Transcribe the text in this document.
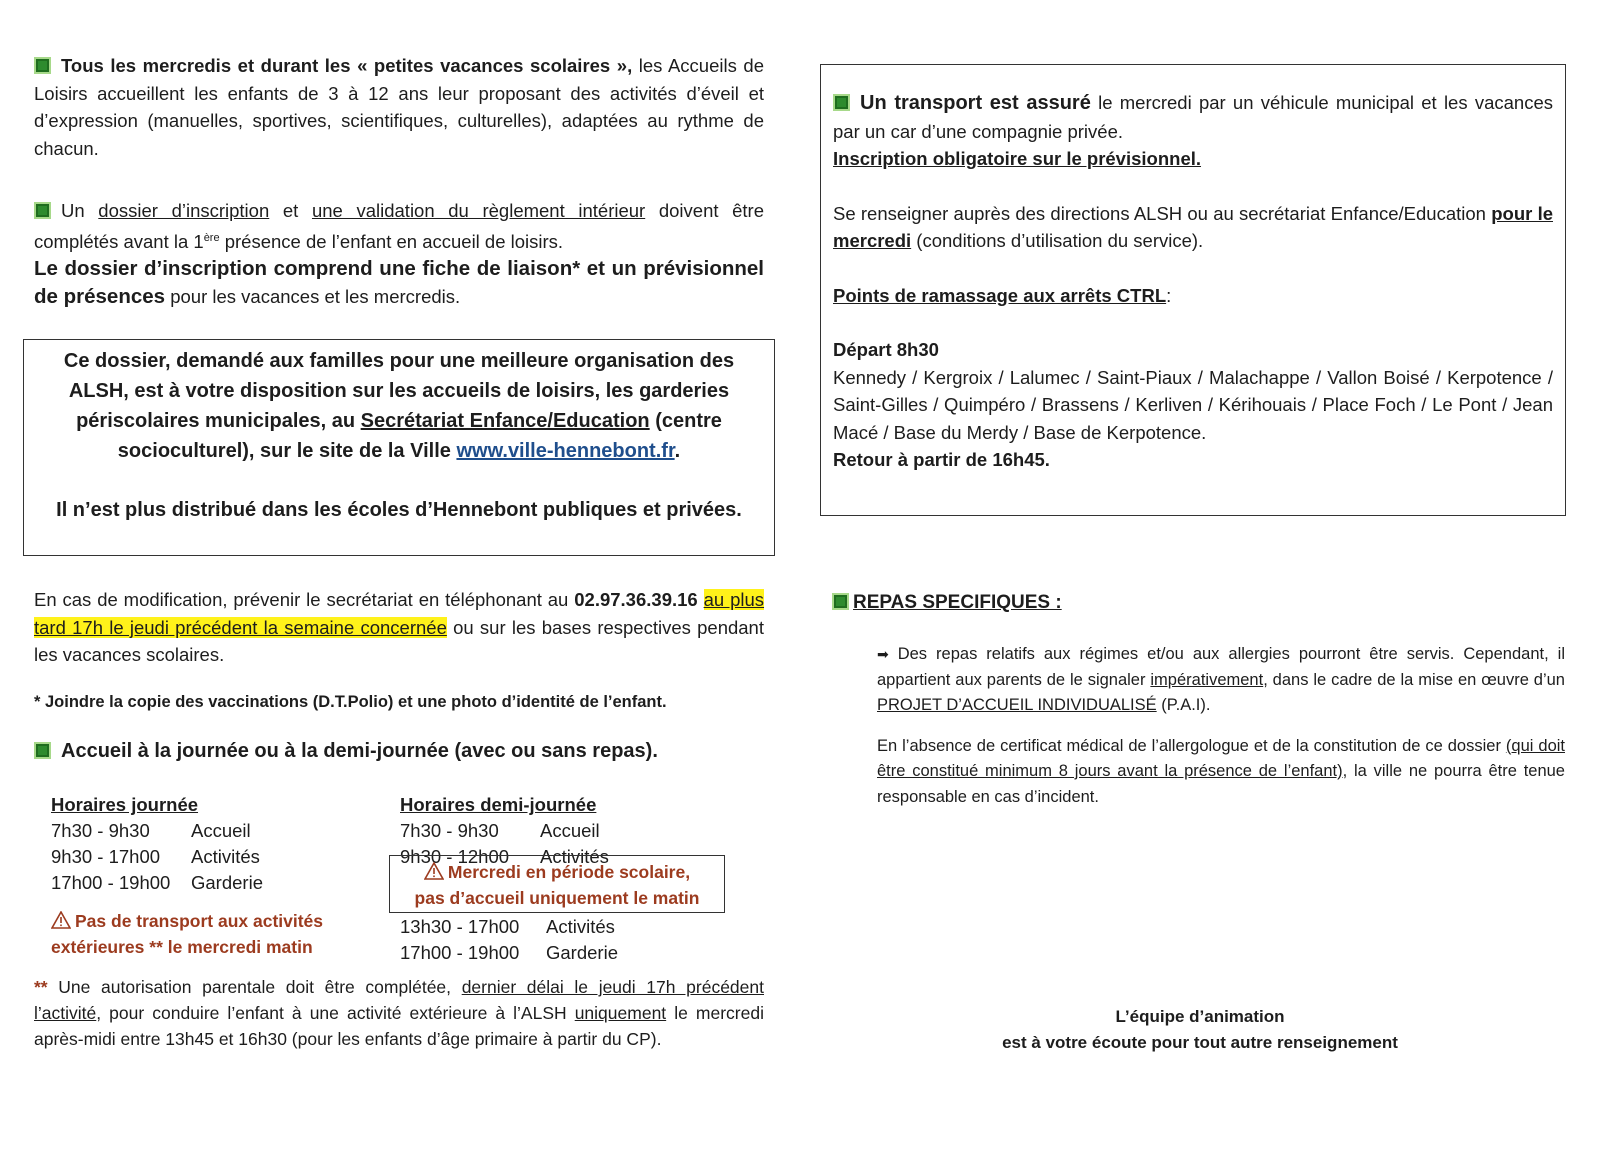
Tous les mercredis et durant les « petites vacances scolaires », les Accueils de Loisirs accueillent les enfants de 3 à 12 ans leur proposant des activités d’éveil et d’expression (manuelles, sportives, scientifiques, culturelles), adaptées au rythme de chacun.

Un dossier d’inscription et une validation du règlement intérieur doivent être complétés avant la 1ère présence de l’enfant en accueil de loisirs.
Le dossier d’inscription comprend une fiche de liaison* et un prévisionnel de présences pour les vacances et les mercredis.

Ce dossier, demandé aux familles pour une meilleure organisation des ALSH, est à votre disposition sur les accueils de loisirs, les garderies périscolaires municipales, au Secrétariat Enfance/Education (centre socioculturel), sur le site de la Ville www.ville-hennebont.fr.
Il n’est plus distribué dans les écoles d’Hennebont publiques et privées.

En cas de modification, prévenir le secrétariat en téléphonant au 02.97.36.39.16 au plus tard 17h le jeudi précédent la semaine concernée ou sur les bases respectives pendant les vacances scolaires.

* Joindre la copie des vaccinations (D.T.Polio) et une photo d’identité de l’enfant.

Accueil à la journée ou à la demi-journée (avec ou sans repas).

Horaires journée
7h30 - 9h30 Accueil
9h30 - 17h00 Activités
17h00 - 19h00 Garderie
Pas de transport aux activités
extérieures ** le mercredi matin
Horaires demi-journée
7h30 - 9h30 Accueil
9h30 - 12h00 Activités
Mercredi en période scolaire,
pas d’accueil uniquement le matin
13h30 - 17h00 Activités
17h00 - 19h00 Garderie

** Une autorisation parentale doit être complétée, dernier délai le jeudi 17h précédent l’activité, pour conduire l’enfant à une activité extérieure à l’ALSH uniquement le mercredi après-midi entre 13h45 et 16h30 (pour les enfants d’âge primaire à partir du CP).

Un transport est assuré le mercredi par un véhicule municipal et les vacances par un car d’une compagnie privée.
Inscription obligatoire sur le prévisionnel.

Se renseigner auprès des directions ALSH ou au secrétariat Enfance/Education pour le mercredi (conditions d’utilisation du service).

Points de ramassage aux arrêts CTRL:

Départ 8h30
Kennedy / Kergroix / Lalumec / Saint-Piaux / Malachappe / Vallon Boisé / Kerpotence / Saint-Gilles / Quimpéro / Brassens / Kerliven / Kérihouais / Place Foch / Le Pont / Jean Macé / Base du Merdy / Base de Kerpotence.
Retour à partir de 16h45.

REPAS SPECIFIQUES :

➡ Des repas relatifs aux régimes et/ou aux allergies pourront être servis. Cependant, il appartient aux parents de le signaler impérativement, dans le cadre de la mise en œuvre d’un PROJET D’ACCUEIL INDIVIDUALISÉ (P.A.I).

En l’absence de certificat médical de l’allergologue et de la constitution de ce dossier (qui doit être constitué minimum 8 jours avant la présence de l’enfant), la ville ne pourra être tenue responsable en cas d’incident.

L’équipe d’animation
est à votre écoute pour tout autre renseignement
